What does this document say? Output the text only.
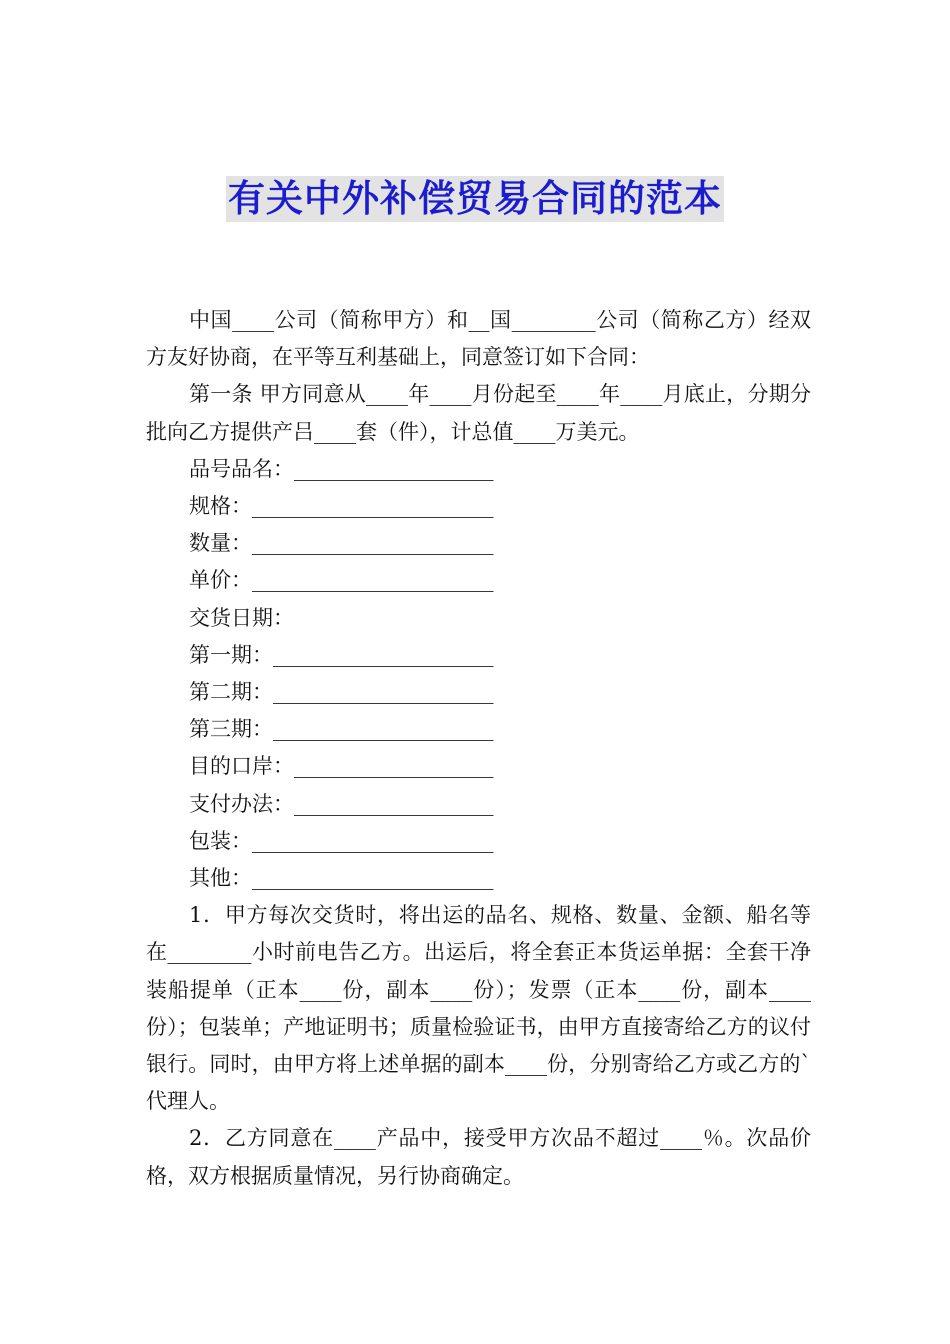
有关中外补偿贸易合同的范本

中国____公司（简称甲方）和__国________公司（简称乙方）经双方友好协商，在平等互利基础上，同意签订如下合同：

第一条 甲方同意从____年____月份起至____年____月底止，分期分批向乙方提供产吕____套（件），计总值____万美元。

品号品名：___________________
规格：_______________________
数量：_______________________
单价：_______________________
交货日期：
第一期：_____________________
第二期：_____________________
第三期：_____________________
目的口岸：___________________
支付办法：___________________
包装：_______________________
其他：_______________________

1．甲方每次交货时，将出运的品名、规格、数量、金额、船名等在________小时前电告乙方。出运后，将全套正本货运单据：全套干净装船提单（正本____份，副本____份）；发票（正本____份，副本____份）；包装单；产地证明书；质量检验证书，由甲方直接寄给乙方的议付银行。同时，由甲方将上述单据的副本____份，分别寄给乙方或乙方的`代理人。

2．乙方同意在____产品中，接受甲方次品不超过____％。次品价格，双方根据质量情况，另行协商确定。
